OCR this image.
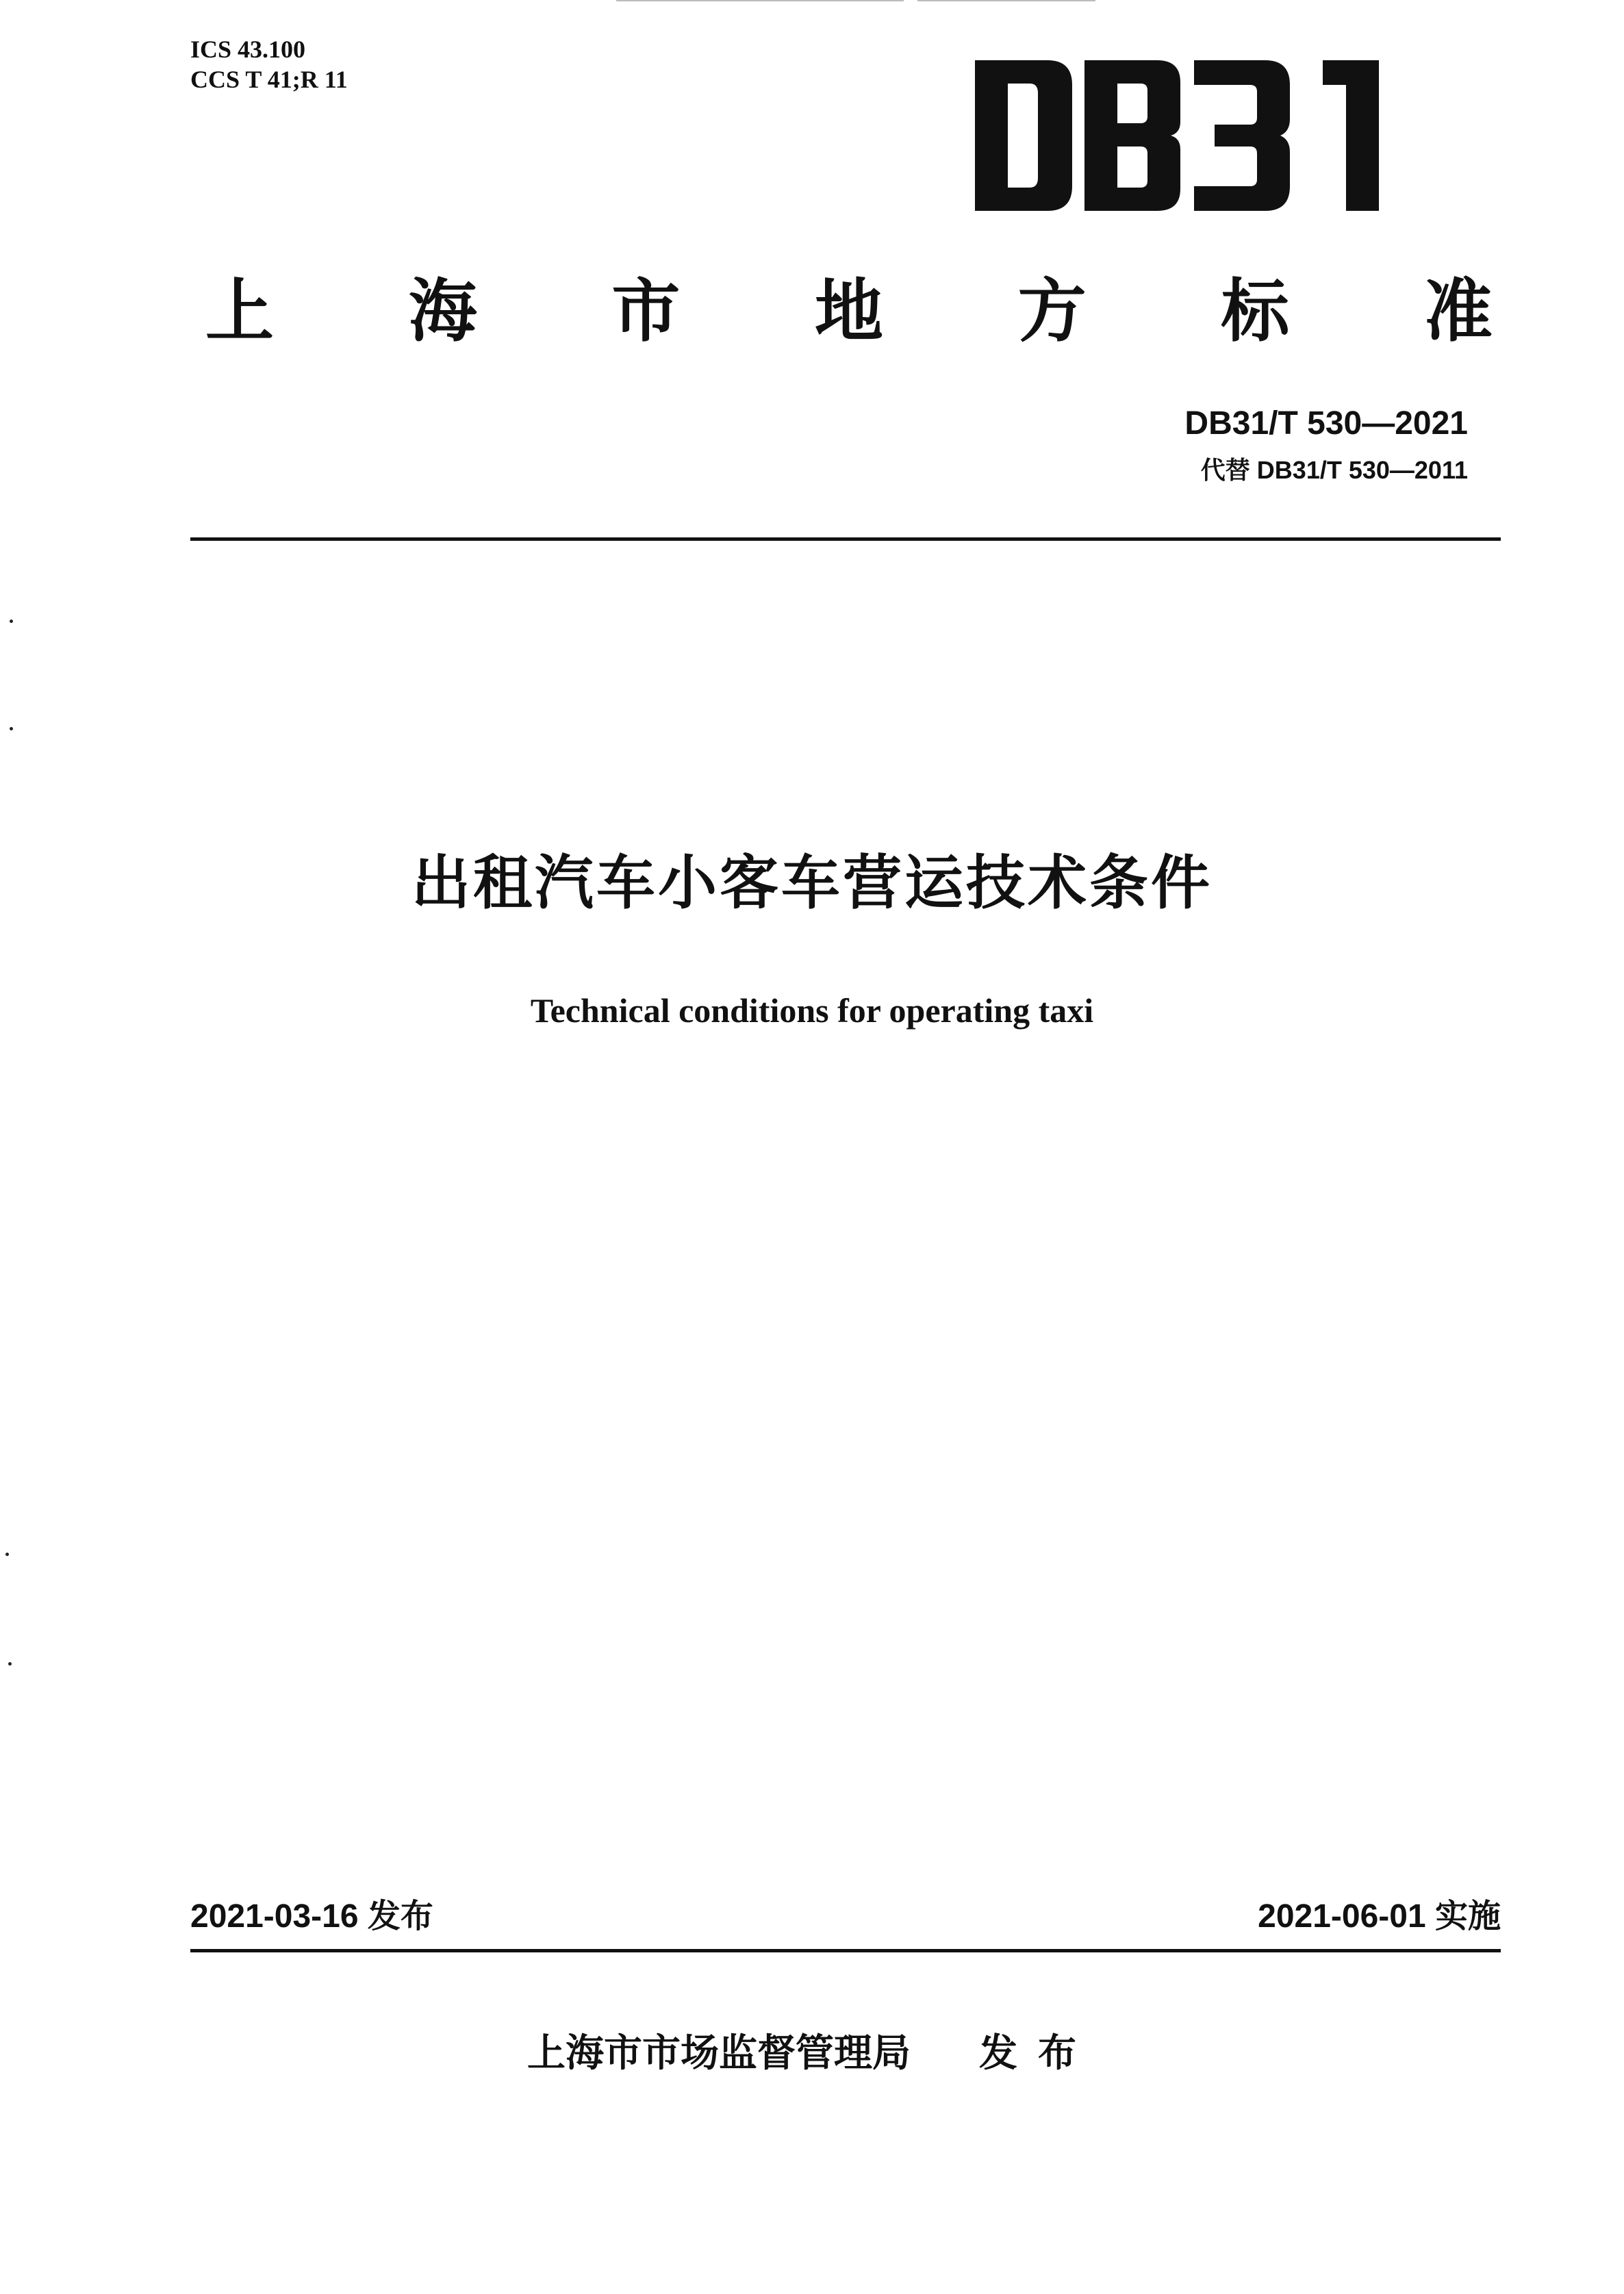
ICS 43.100
CCS T 41;R 11
上 海 市 地 方 标 准
DB31/T 530—2021
代替 DB31/T 530—2011
出租汽车小客车营运技术条件
Technical conditions for operating taxi
2021-03-16 发布	2021-06-01 实施
上海市市场监督管理局 发布
